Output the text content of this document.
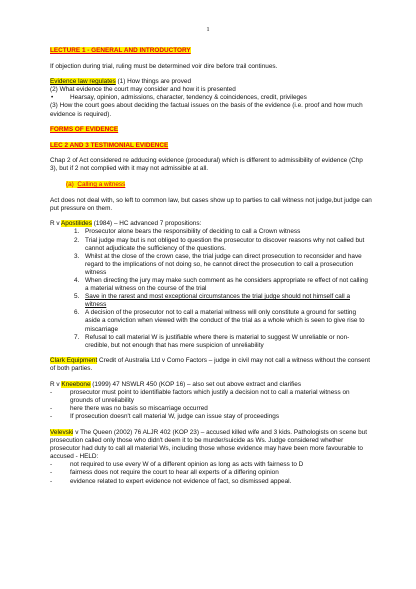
1

LECTURE 1 - GENERAL AND INTRODUCTORY

If objection during trial, ruling must be determined voir dire before trail continues.

Evidence law regulates (1) How things are proved

(2) What evidence the court may consider and how it is presented

•	Hearsay, opinion, admissions, character, tendency & coincidences, credit, privileges

(3) How the court goes about deciding the factual issues on the basis of the evidence (i.e. proof and how much evidence is required).

FORMS OF EVIDENCE

LEC 2 AND 3 TESTIMONIAL EVIDENCE

Chap 2 of Act considered re adducing evidence (procedural) which is different to admissibility of evidence (Chp 3), but if 2 not complied with it may not admissible at all.

(a) Calling a witness

Act does not deal with, so left to common law, but cases show up to parties to call witness not judge,but judge can put pressure on them.

R v Apostilides (1984) – HC advanced 7 propositions:

1. Prosecutor alone bears the responsibility of deciding to call a Crown witness
2. Trial judge may but is not obliged to question the prosecutor to discover reasons why not called but cannot adjudicate the sufficiency of the questions.
3. Whilst at the close of the crown case, the trial judge can direct prosecution to reconsider and have regard to the implications of not doing so, he cannot direct the prosecution to call a prosecution witness
4. When directing the jury may make such comment as he considers appropriate re effect of not calling a material witness on the course of the trial
5. Save in the rarest and most exceptional circumstances the trial judge should not himself call a witness
6. A decision of the prosecutor not to call a material witness will only constitute a ground for setting aside a conviction when viewed with the conduct of the trial as a whole which is seen to give rise to miscarriage
7. Refusal to call material W is justifiable where there is material to suggest W unreliable or non-credible, but not enough that has mere suspicion of unreliability

Clark Equipment Credit of Australia Ltd v Como Factors – judge in civil may not call a witness without the consent of both parties.

R v Kneebone (1999) 47 NSWLR 450 (KOP 16) – also set out above extract and clarifies

-	prosecutor must point to identifiable factors which justify a decision not to call a material witness on grounds of unreliability
-	here there was no basis so miscarriage occurred
-	If prosecution doesn't call material W, judge can issue stay of proceedings

Velevski v The Queen (2002) 76 ALJR 402 (KOP 23) – accused killed wife and 3 kids. Pathologists on scene but prosecution called only those who didn't deem it to be murder/suicide as Ws. Judge considered whether prosecutor had duty to call all material Ws, including those whose evidence may have been more favourable to accused - HELD:

-	not required to use every W of a different opinion as long as acts with fairness to D
-	fairness does not require the court to hear all experts of a differing opinion
-	evidence related to expert evidence not evidence of fact, so dismissed appeal.
